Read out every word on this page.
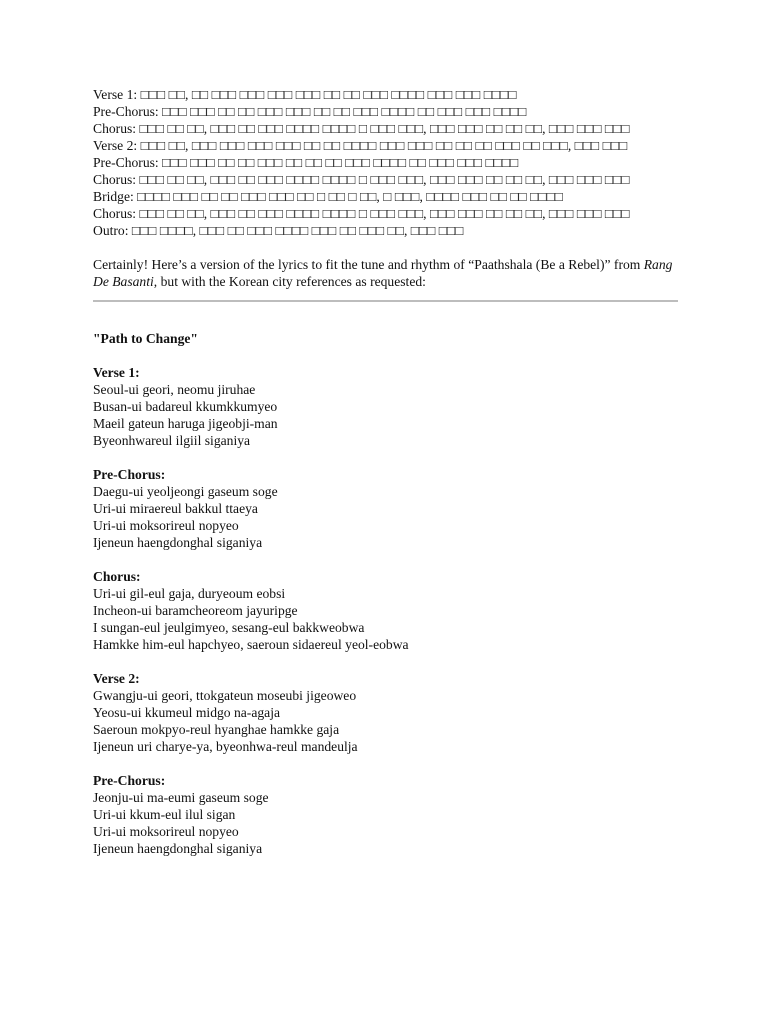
Verse 1: □□□ □□, □□ □□□ □□□ □□□ □□□ □□ □□ □□□ □□□□ □□□ □□□ □□□□
Pre-Chorus: □□□ □□□ □□ □□ □□□ □□□ □□ □□ □□□ □□□□ □□ □□□ □□□ □□□□
Chorus: □□□ □□ □□, □□□ □□ □□□ □□□□ □□□□ □ □□□ □□□, □□□ □□□ □□ □□ □□, □□□ □□□ □□□
Verse 2: □□□ □□, □□□ □□□ □□□ □□□ □□ □□ □□□□ □□□ □□□ □□ □□ □□ □□□ □□ □□□, □□□ □□□
Pre-Chorus: □□□ □□□ □□ □□ □□□ □□ □□ □□ □□□ □□□□ □□ □□□ □□□ □□□□
Chorus: □□□ □□ □□, □□□ □□ □□□ □□□□ □□□□ □ □□□ □□□, □□□ □□□ □□ □□ □□, □□□ □□□ □□□
Bridge: □□□□ □□□ □□ □□ □□□ □□□ □□ □ □□ □ □□, □ □□□, □□□□ □□□ □□ □□ □□□□
Chorus: □□□ □□ □□, □□□ □□ □□□ □□□□ □□□□ □ □□□ □□□, □□□ □□□ □□ □□ □□, □□□ □□□ □□□
Outro: □□□ □□□□, □□□ □□ □□□ □□□□ □□□ □□ □□□ □□, □□□ □□□

Certainly! Here’s a version of the lyrics to fit the tune and rhythm of “Paathshala (Be a Rebel)” from Rang De Basanti, but with the Korean city references as requested:

"Path to Change"
Verse 1:
Seoul-ui geori, neomu jiruhae
Busan-ui badareul kkumkkumyeo
Maeil gateun haruga jigeobji-man
Byeonhwareul ilgiil siganiya
Pre-Chorus:
Daegu-ui yeoljeongi gaseum soge
Uri-ui miraereul bakkul ttaeya
Uri-ui moksorireul nopyeo
Ijeneun haengdonghal siganiya
Chorus:
Uri-ui gil-eul gaja, duryeoum eobsi
Incheon-ui baramcheoreom jayuripge
I sungan-eul jeulgimyeo, sesang-eul bakkweobwa
Hamkke him-eul hapchyeo, saeroun sidaereul yeol-eobwa
Verse 2:
Gwangju-ui geori, ttokgateun moseubi jigeoweo
Yeosu-ui kkumeul midgo na-agaja
Saeroun mokpyo-reul hyanghae hamkke gaja
Ijeneun uri charye-ya, byeonhwa-reul mandeulja
Pre-Chorus:
Jeonju-ui ma-eumi gaseum soge
Uri-ui kkum-eul ilul sigan
Uri-ui moksorireul nopyeo
Ijeneun haengdonghal siganiya
